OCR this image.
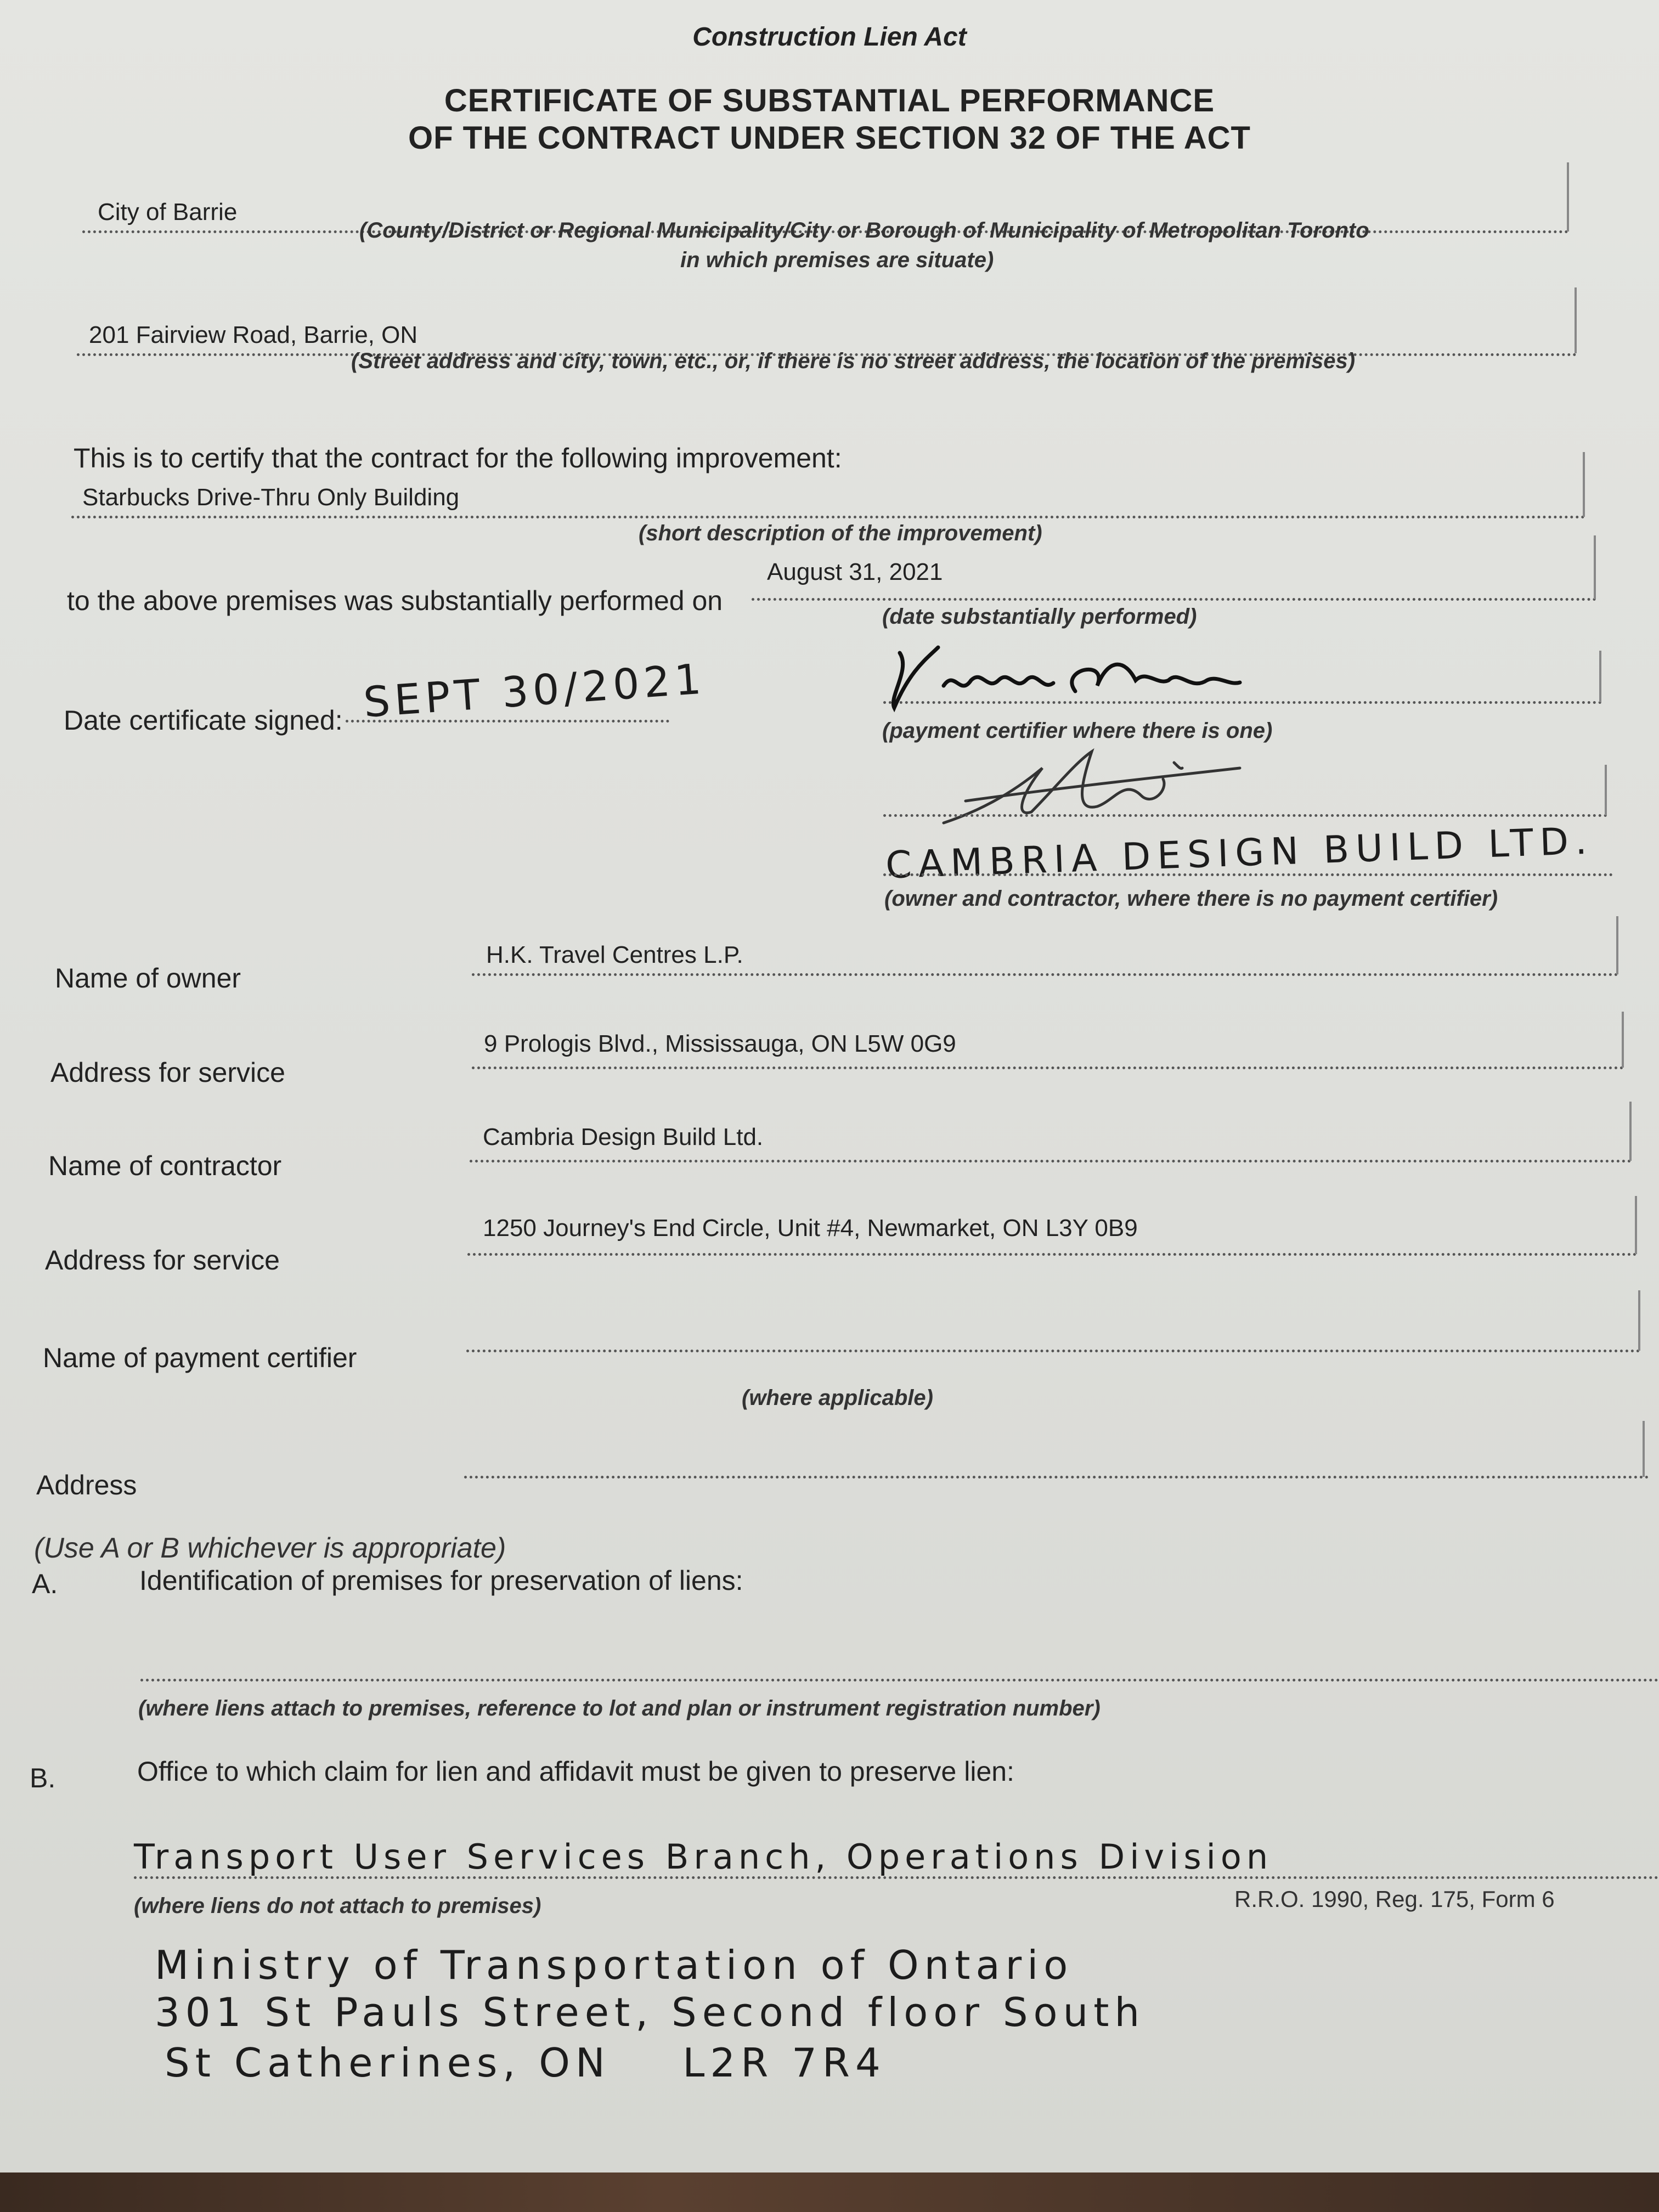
Construction Lien Act
CERTIFICATE OF SUBSTANTIAL PERFORMANCE
OF THE CONTRACT UNDER SECTION 32 OF THE ACT
City of Barrie
(County/District or Regional Municipality/City or Borough of Municipality of Metropolitan Toronto
in which premises are situate)
201 Fairview Road, Barrie, ON
(Street address and city, town, etc., or, if there is no street address, the location of the premises)
This is to certify that the contract for the following improvement:
Starbucks Drive-Thru Only Building
(short description of the improvement)
to the above premises was substantially performed on
August 31, 2021
(date substantially performed)
Date certificate signed: SEPT 30/2021
(payment certifier where there is one)
CAMBRIA DESIGN BUILD LTD.
(owner and contractor, where there is no payment certifier)
Name of owner
H.K. Travel Centres L.P.
Address for service
9 Prologis Blvd., Mississauga, ON L5W 0G9
Name of contractor
Cambria Design Build Ltd.
Address for service
1250 Journey's End Circle, Unit #4, Newmarket, ON L3Y 0B9
Name of payment certifier
(where applicable)
Address
(Use A or B whichever is appropriate)
A.	Identification of premises for preservation of liens:
(where liens attach to premises, reference to lot and plan or instrument registration number)
B.	Office to which claim for lien and affidavit must be given to preserve lien:
Transport User Services Branch, Operations Division
(where liens do not attach to premises)	R.R.O. 1990, Reg. 175, Form 6
Ministry of Transportation of Ontario
301 St Pauls Street, Second floor South
St Catherines, ON    L2R 7R4
